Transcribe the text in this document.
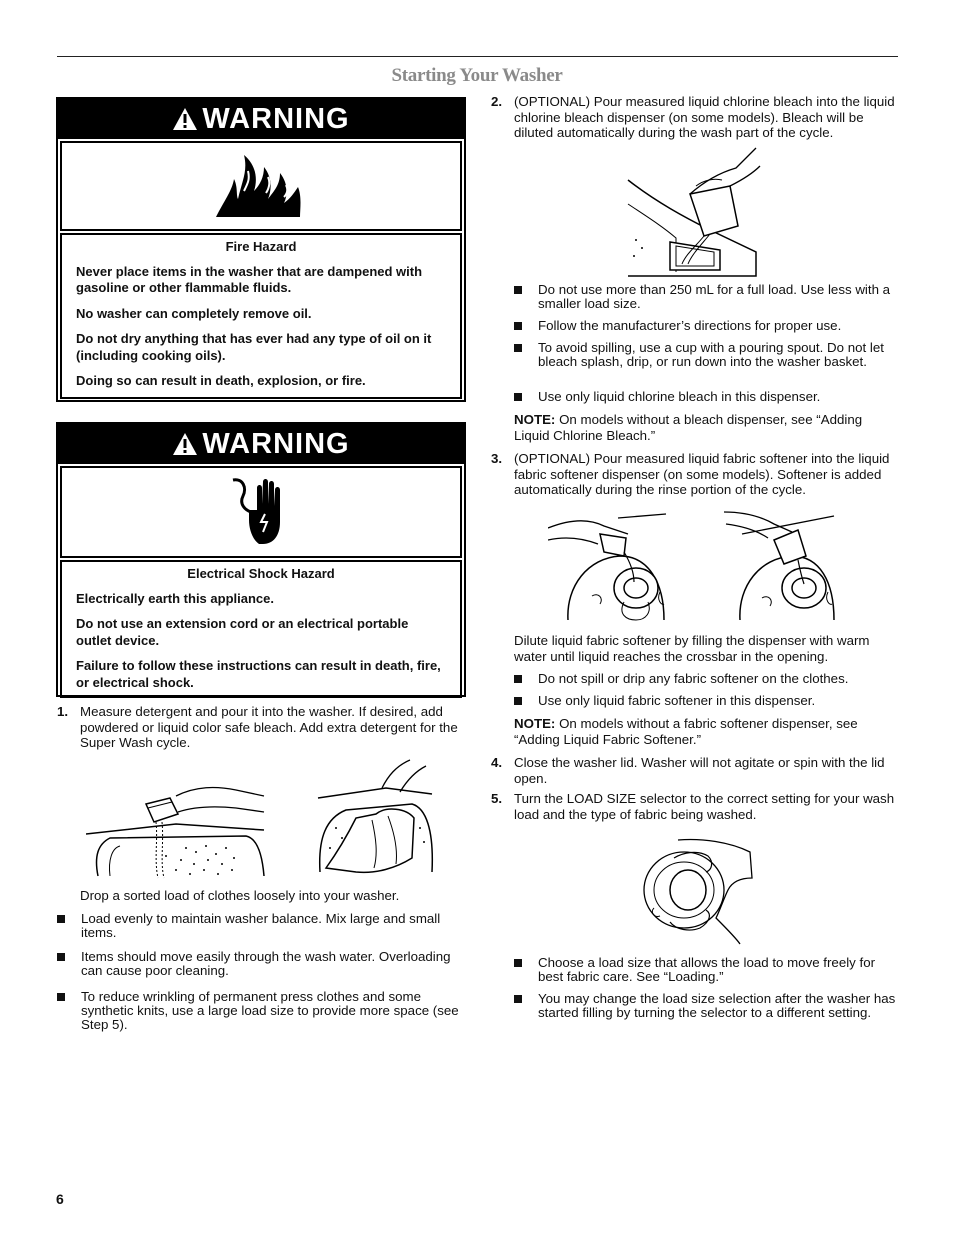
Starting Your Washer
WARNING
Fire Hazard

Never place items in the washer that are dampened with gasoline or other flammable fluids.

No washer can completely remove oil.

Do not dry anything that has ever had any type of oil on it (including cooking oils).

Doing so can result in death, explosion, or fire.

WARNING
Electrical Shock Hazard

Electrically earth this appliance.

Do not use an extension cord or an electrical portable outlet device.

Failure to follow these instructions can result in death, fire, or electrical shock.

1. Measure detergent and pour it into the washer. If desired, add powdered or liquid color safe bleach. Add extra detergent for the Super Wash cycle.
Drop a sorted load of clothes loosely into your washer.
Load evenly to maintain washer balance. Mix large and small items.
Items should move easily through the wash water. Overloading can cause poor cleaning.
To reduce wrinkling of permanent press clothes and some synthetic knits, use a large load size to provide more space (see Step 5).
2. (OPTIONAL) Pour measured liquid chlorine bleach into the liquid chlorine bleach dispenser (on some models). Bleach will be diluted automatically during the wash part of the cycle.
Do not use more than 250 mL for a full load. Use less with a smaller load size.
Follow the manufacturer’s directions for proper use.
To avoid spilling, use a cup with a pouring spout. Do not let bleach splash, drip, or run down into the washer basket.
Use only liquid chlorine bleach in this dispenser.
NOTE: On models without a bleach dispenser, see “Adding Liquid Chlorine Bleach.”
3. (OPTIONAL) Pour measured liquid fabric softener into the liquid fabric softener dispenser (on some models). Softener is added automatically during the rinse portion of the cycle.
Dilute liquid fabric softener by filling the dispenser with warm water until liquid reaches the crossbar in the opening.
Do not spill or drip any fabric softener on the clothes.
Use only liquid fabric softener in this dispenser.
NOTE: On models without a fabric softener dispenser, see “Adding Liquid Fabric Softener.”
4. Close the washer lid. Washer will not agitate or spin with the lid open.
5. Turn the LOAD SIZE selector to the correct setting for your wash load and the type of fabric being washed.
Choose a load size that allows the load to move freely for best fabric care. See “Loading.”
You may change the load size selection after the washer has started filling by turning the selector to a different setting.
6
